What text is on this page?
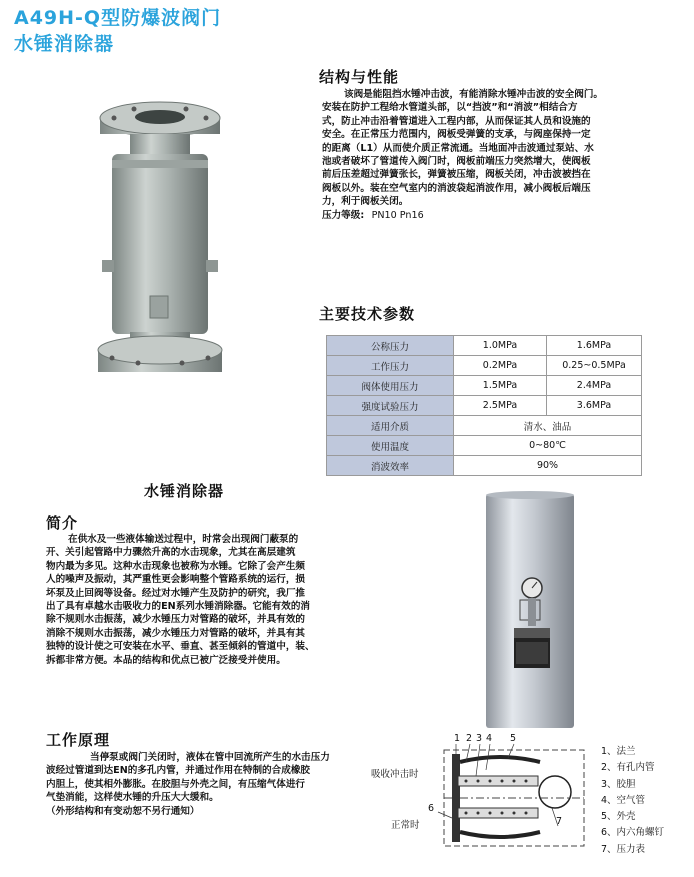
A49H-Q型防爆波阀门
水锤消除器
结构与性能
该阀是能阻挡水锤冲击波，有能消除水锤冲击波的安全阀门。
安装在防护工程给水管道头部，以“挡波”和“消波”相结合方
式，防止冲击沿着管道进入工程内部，从而保证其人员和设施的
安全。在正常压力范围内，阀板受弹簧的支承，与阀座保持一定
的距离（L1）从而使介质正常流通。当地面冲击波通过泵站、水
池或者破坏了管道传入阀门时，阀板前端压力突然增大，使阀板
前后压差超过弹簧张长，弹簧被压缩，阀板关闭，冲击波被挡在
阀板以外。装在空气室内的消波袋起消波作用，减小阀板后端压
力，利于阀板关闭。
压力等级: PN10 Pn16
主要技术参数
公称压力	1.0MPa	1.6MPa
工作压力	0.2MPa	0.25~0.5MPa
阀体使用压力	1.5MPa	2.4MPa
强度试验压力	2.5MPa	3.6MPa
适用介质	清水、油品	
使用温度	0~80℃	
消波效率	90%	
水锤消除器
简介
在供水及一些液体输送过程中，时常会出现阀门蔽泵的
开、关引起管路中力骤然升高的水击现象，尤其在高层建筑
物内最为多见。这种水击现象也被称为水锤。它除了会产生频
人的噪声及振动，其严重性更会影响整个管路系统的运行，损
坏泵及止回阀等设备。经过对水锤产生及防护的研究，我厂推
出了具有卓越水击吸收力的EN系列水锤消除器。它能有效的消
除不规则水击振荡，减少水锤压力对管路的破坏，并具有效的
消除不规则水击振荡，减少水锤压力对管路的破坏，并具有其
独特的设计使之可安装在水平、垂直、甚至倾斜的管道中，装、
拆都非常方便。本品的结构和优点已被广泛接受并使用。
工作原理
当停泵或阀门关闭时，液体在管中回流所产生的水击压力
波经过管道到达EN的多孔内管，并通过作用在特制的合成橡胶
内胆上，使其相外膨胀。在胶胆与外壳之间，有压缩气体进行
气垫消能，这样使水锤的升压大大缓和。
（外形结构和有变动恕不另行通知）
1 2 3 4 5
吸收冲击时
正常时
6
7
1、法兰
2、有孔内管
3、胶胆
4、空气管
5、外壳
6、内六角螺钉
7、压力表
